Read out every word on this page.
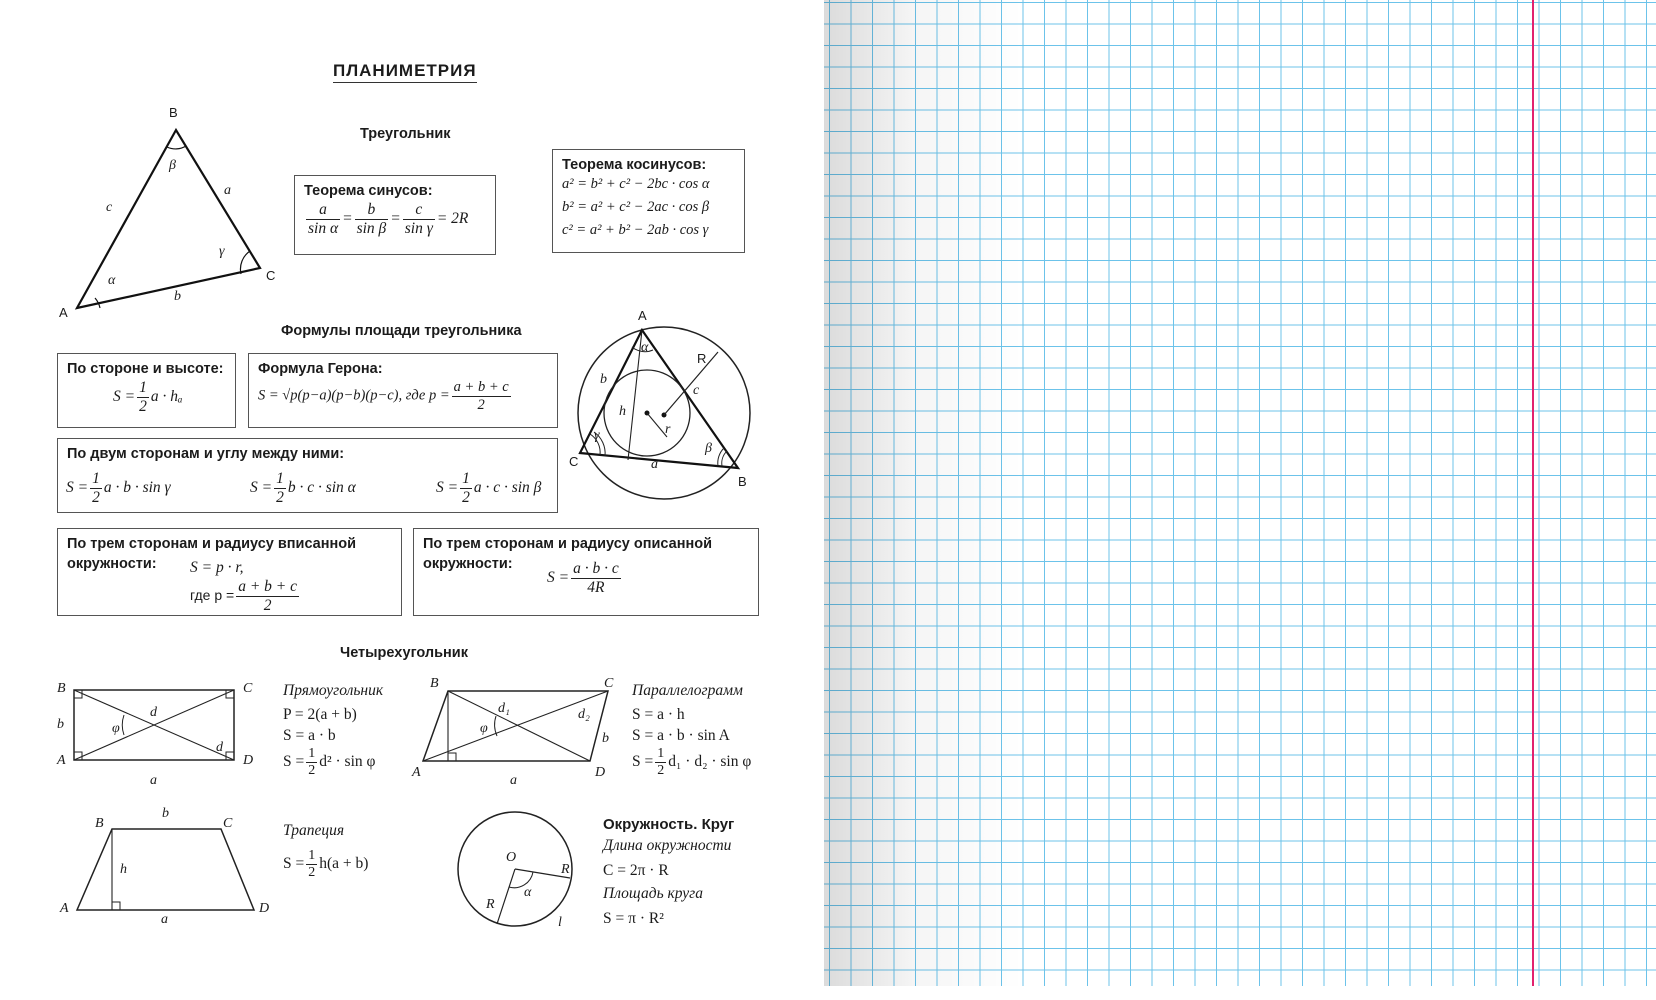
ПЛАНИМЕТРИЯ
B
A
C
a
b
c
α
β
γ
Треугольник
Теорема синусов:
$\frac{a}{\text{sin α}} = \frac{b}{\text{sin β}} = \frac{c}{\text{sin γ}} = 2R$
Теорема косинусов:
a² = b² + c² − 2bc · cos α
b² = a² + c² − 2ac · cos β
c² = a² + b² − 2ab · cos γ
Формулы площади треугольника
По стороне и высоте:
$S = \frac{1}{2}$ a · hₐ
Формула Герона:
S = √p(p−a)(p−b)(p−c), где $p = \frac{a + b + c}{2}$
По двум сторонам и углу между ними:
$S = \frac{1}{2}$ a · b · sin γ	$S = \frac{1}{2}$ b · c · sin α	$S = \frac{1}{2}$ a · c · sin β
По трем сторонам и радиусу вписанной
окружности:	S = p · r,
где $p = \frac{a + b + c}{2}$
По трем сторонам и радиусу описанной
окружности:
$S = \frac{a \cdot b \cdot c}{4R}$
A
B
C
R
a
b
c
h
r
α
β
γ
Четырехугольник
B	C
A	D
a
b
d
d
φ
Прямоугольник
P = 2(a + b)
S = a · b
$S = \frac{1}{2} d^2 \cdot \sin \varphi$
B	C
A	D
a
b
d₁	d₂
φ
Параллелограмм
S = a · h
S = a · b · sin A
$S = \frac{1}{2} d_1 \cdot d_2 \cdot \sin \varphi$
B	C
A	D
b
a
h
Трапеция
$S = \frac{1}{2} h(a + b)$	O
R
R
α
l
Окружность. Круг
Длина окружности
C = 2π · R
Площадь круга
S = π · R²
